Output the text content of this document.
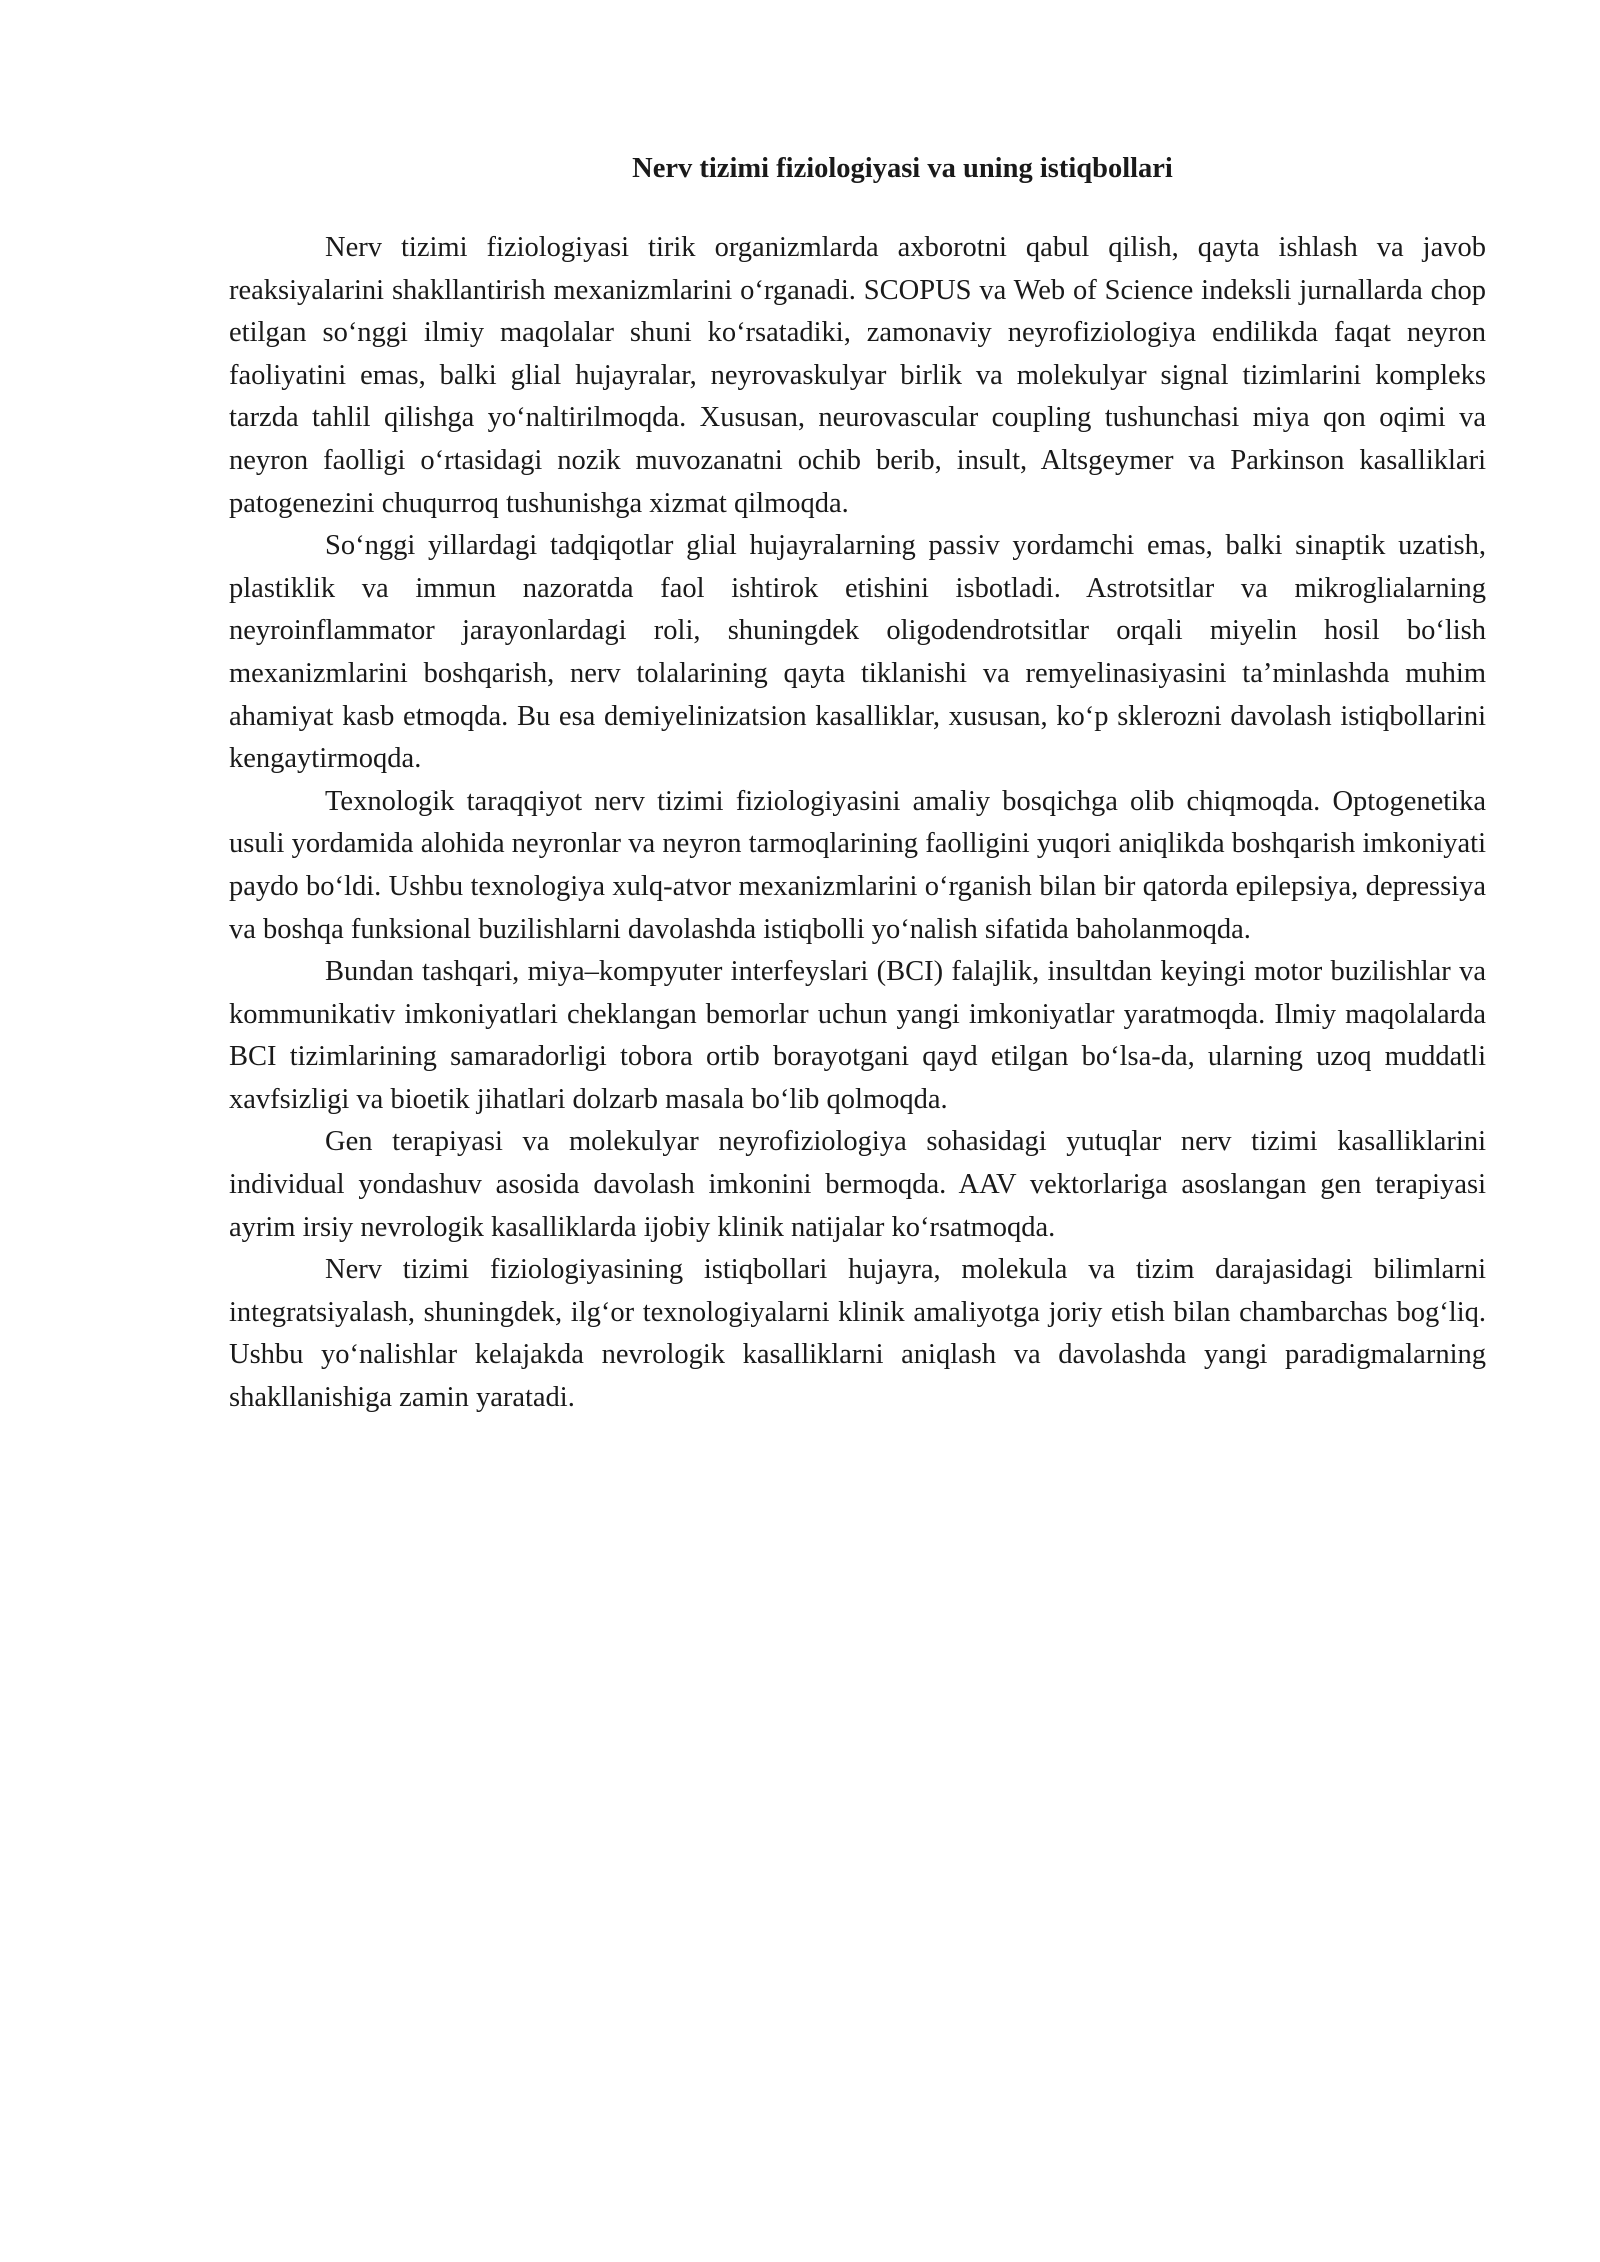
Nerv tizimi fiziologiyasi va uning istiqbollari

Nerv tizimi fiziologiyasi tirik organizmlarda axborotni qabul qilish, qayta ishlash va javob reaksiyalarini shakllantirish mexanizmlarini o‘rganadi. SCOPUS va Web of Science indeksli jurnallarda chop etilgan so‘nggi ilmiy maqolalar shuni ko‘rsatadiki, zamonaviy neyrofiziologiya endilikda faqat neyron faoliyatini emas, balki glial hujayralar, neyrovaskulyar birlik va molekulyar signal tizimlarini kompleks tarzda tahlil qilishga yo‘naltirilmoqda. Xususan, neurovascular coupling tushunchasi miya qon oqimi va neyron faolligi o‘rtasidagi nozik muvozanatni ochib berib, insult, Altsgeymer va Parkinson kasalliklari patogenezini chuqurroq tushunishga xizmat qilmoqda.

So‘nggi yillardagi tadqiqotlar glial hujayralarning passiv yordamchi emas, balki sinaptik uzatish, plastiklik va immun nazoratda faol ishtirok etishini isbotladi. Astrotsitlar va mikroglialarning neyroinflammator jarayonlardagi roli, shuningdek oligodendrotsitlar orqali miyelin hosil bo‘lish mexanizmlarini boshqarish, nerv tolalarining qayta tiklanishi va remyelinasiyasini ta’minlashda muhim ahamiyat kasb etmoqda. Bu esa demiyelinizatsion kasalliklar, xususan, ko‘p sklerozni davolash istiqbollarini kengaytirmoqda.

Texnologik taraqqiyot nerv tizimi fiziologiyasini amaliy bosqichga olib chiqmoqda. Optogenetika usuli yordamida alohida neyronlar va neyron tarmoqlarining faolligini yuqori aniqlikda boshqarish imkoniyati paydo bo‘ldi. Ushbu texnologiya xulq-atvor mexanizmlarini o‘rganish bilan bir qatorda epilepsiya, depressiya va boshqa funksional buzilishlarni davolashda istiqbolli yo‘nalish sifatida baholanmoqda.

Bundan tashqari, miya–kompyuter interfeyslari (BCI) falajlik, insultdan keyingi motor buzilishlar va kommunikativ imkoniyatlari cheklangan bemorlar uchun yangi imkoniyatlar yaratmoqda. Ilmiy maqolalarda BCI tizimlarining samaradorligi tobora ortib borayotgani qayd etilgan bo‘lsa-da, ularning uzoq muddatli xavfsizligi va bioetik jihatlari dolzarb masala bo‘lib qolmoqda.

Gen terapiyasi va molekulyar neyrofiziologiya sohasidagi yutuqlar nerv tizimi kasalliklarini individual yondashuv asosida davolash imkonini bermoqda. AAV vektorlariga asoslangan gen terapiyasi ayrim irsiy nevrologik kasalliklarda ijobiy klinik natijalar ko‘rsatmoqda.

Nerv tizimi fiziologiyasining istiqbollari hujayra, molekula va tizim darajasidagi bilimlarni integratsiyalash, shuningdek, ilg‘or texnologiyalarni klinik amaliyotga joriy etish bilan chambarchas bog‘liq. Ushbu yo‘nalishlar kelajakda nevrologik kasalliklarni aniqlash va davolashda yangi paradigmalarning shakllanishiga zamin yaratadi.
